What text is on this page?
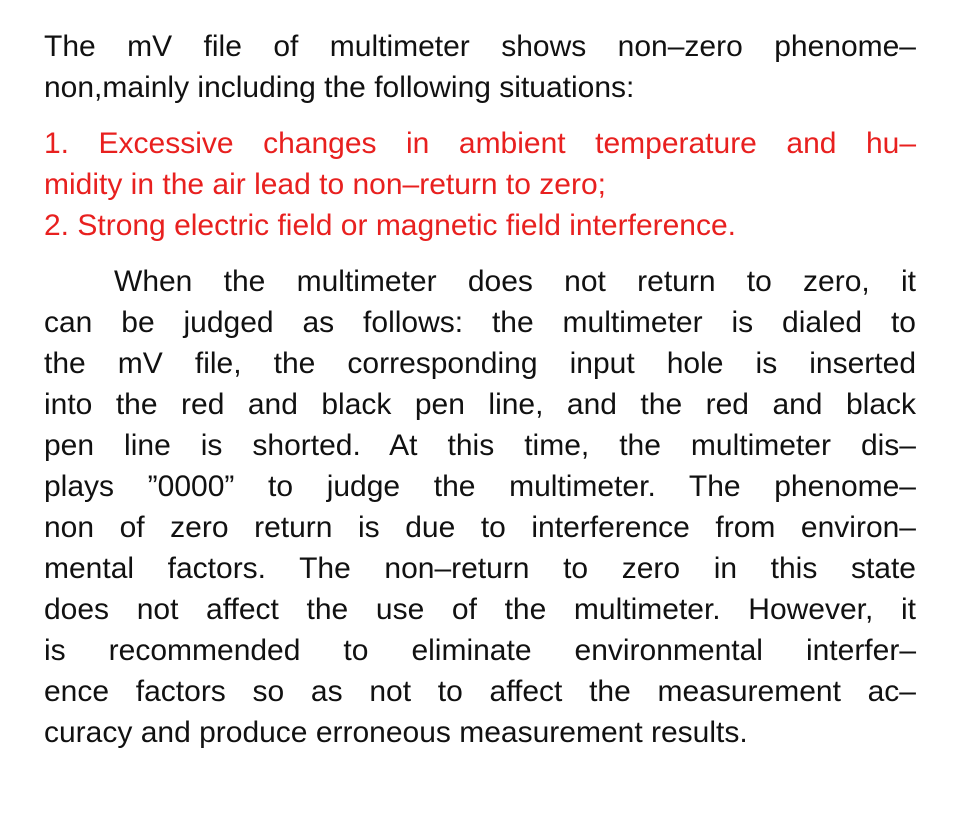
The mV file of multimeter shows non–zero phenome–

non,mainly including the following situations:

1. Excessive changes in ambient temperature and hu–

midity in the air lead to non–return to zero;

2. Strong electric field or magnetic field interference.

When the multimeter does not return to zero, it

can be judged as follows: the multimeter is dialed to

the mV file, the corresponding input hole is inserted

into the red and black pen line, and the red and black

pen line is shorted. At this time, the multimeter dis–

plays ”0000” to judge the multimeter. The phenome–

non of zero return is due to interference from environ–

mental factors. The non–return to zero in this state

does not affect the use of the multimeter. However, it

is recommended to eliminate environmental interfer–

ence factors so as not to affect the measurement ac–

curacy and produce erroneous measurement results.
